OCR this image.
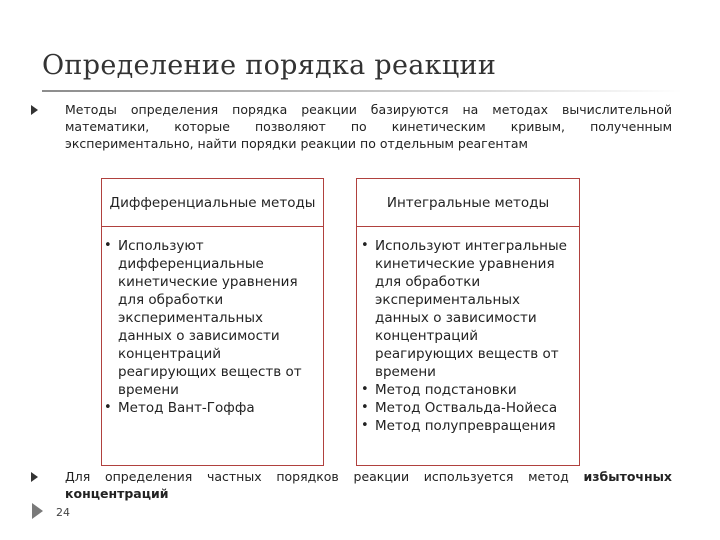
Определение порядка реакции

Методы определения порядка реакции базируются на методах вычислительной математики, которые позволяют по кинетическим кривым, полученным экспериментально, найти порядки реакции по отдельным реагентам

Дифференциальные методы
• Используют дифференциальные кинетические уравнения для обработки экспериментальных данных о зависимости концентраций реагирующих веществ от времени
• Метод Вант-Гоффа
Интегральные методы
• Используют интегральные кинетические уравнения для обработки экспериментальных данных о зависимости концентраций реагирующих веществ от времени
• Метод подстановки
• Метод Оствальда-Нойеса
• Метод полупревращения

Для определения частных порядков реакции используется метод избыточных концентраций

24
